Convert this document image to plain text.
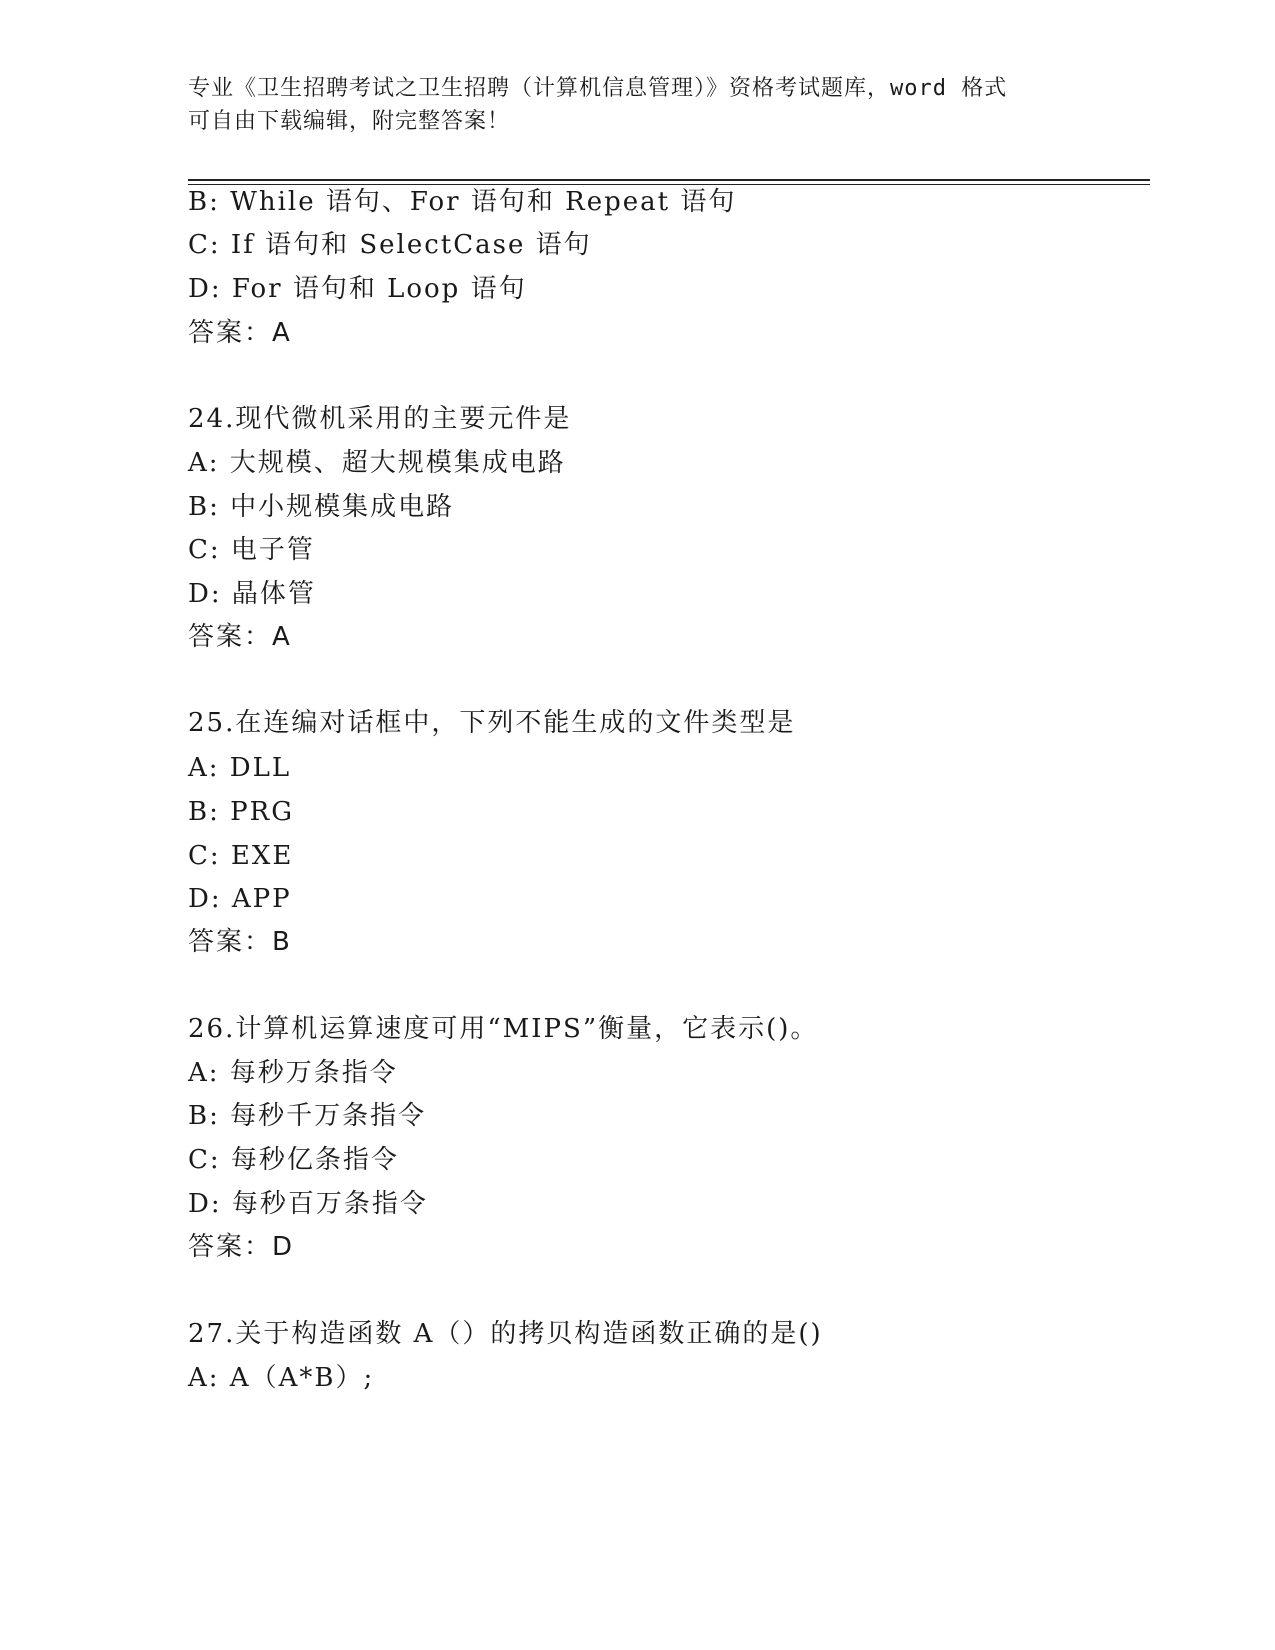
专业《卫生招聘考试之卫生招聘（计算机信息管理）》资格考试题库，word 格式
可自由下载编辑，附完整答案！
B: While 语句、For 语句和 Repeat 语句
C: If 语句和 SelectCase 语句
D: For 语句和 Loop 语句
答案：A
24.现代微机采用的主要元件是
A: 大规模、超大规模集成电路
B: 中小规模集成电路
C: 电子管
D: 晶体管
答案：A
25.在连编对话框中，下列不能生成的文件类型是
A: DLL
B: PRG
C: EXE
D: APP
答案：B
26.计算机运算速度可用“MIPS”衡量，它表示()。
A: 每秒万条指令
B: 每秒千万条指令
C: 每秒亿条指令
D: 每秒百万条指令
答案：D
27.关于构造函数 A（）的拷贝构造函数正确的是()
A: A（A*B）;
